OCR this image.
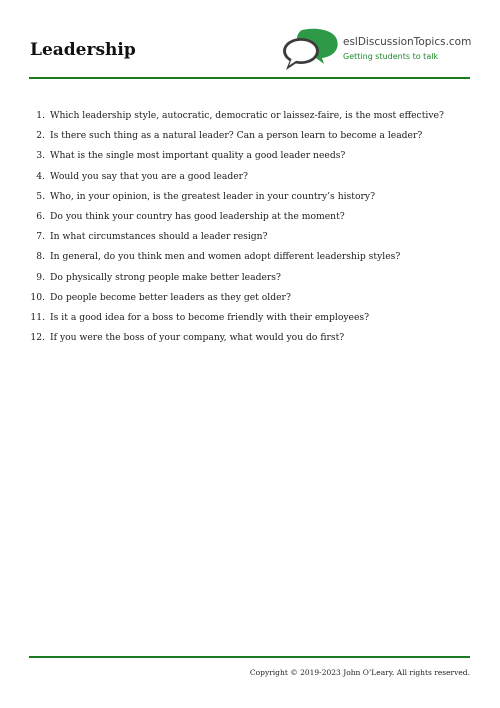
Leadership	eslDiscussionTopics.com
Getting students to talk
1. Which leadership style, autocratic, democratic or laissez-faire, is the most effective?
2. Is there such thing as a natural leader? Can a person learn to become a leader?
3. What is the single most important quality a good leader needs?
4. Would you say that you are a good leader?
5. Who, in your opinion, is the greatest leader in your country’s history?
6. Do you think your country has good leadership at the moment?
7. In what circumstances should a leader resign?
8. In general, do you think men and women adopt different leadership styles?
9. Do physically strong people make better leaders?
10. Do people become better leaders as they get older?
11. Is it a good idea for a boss to become friendly with their employees?
12. If you were the boss of your company, what would you do first?
Copyright © 2019-2023 John O’Leary. All rights reserved.
